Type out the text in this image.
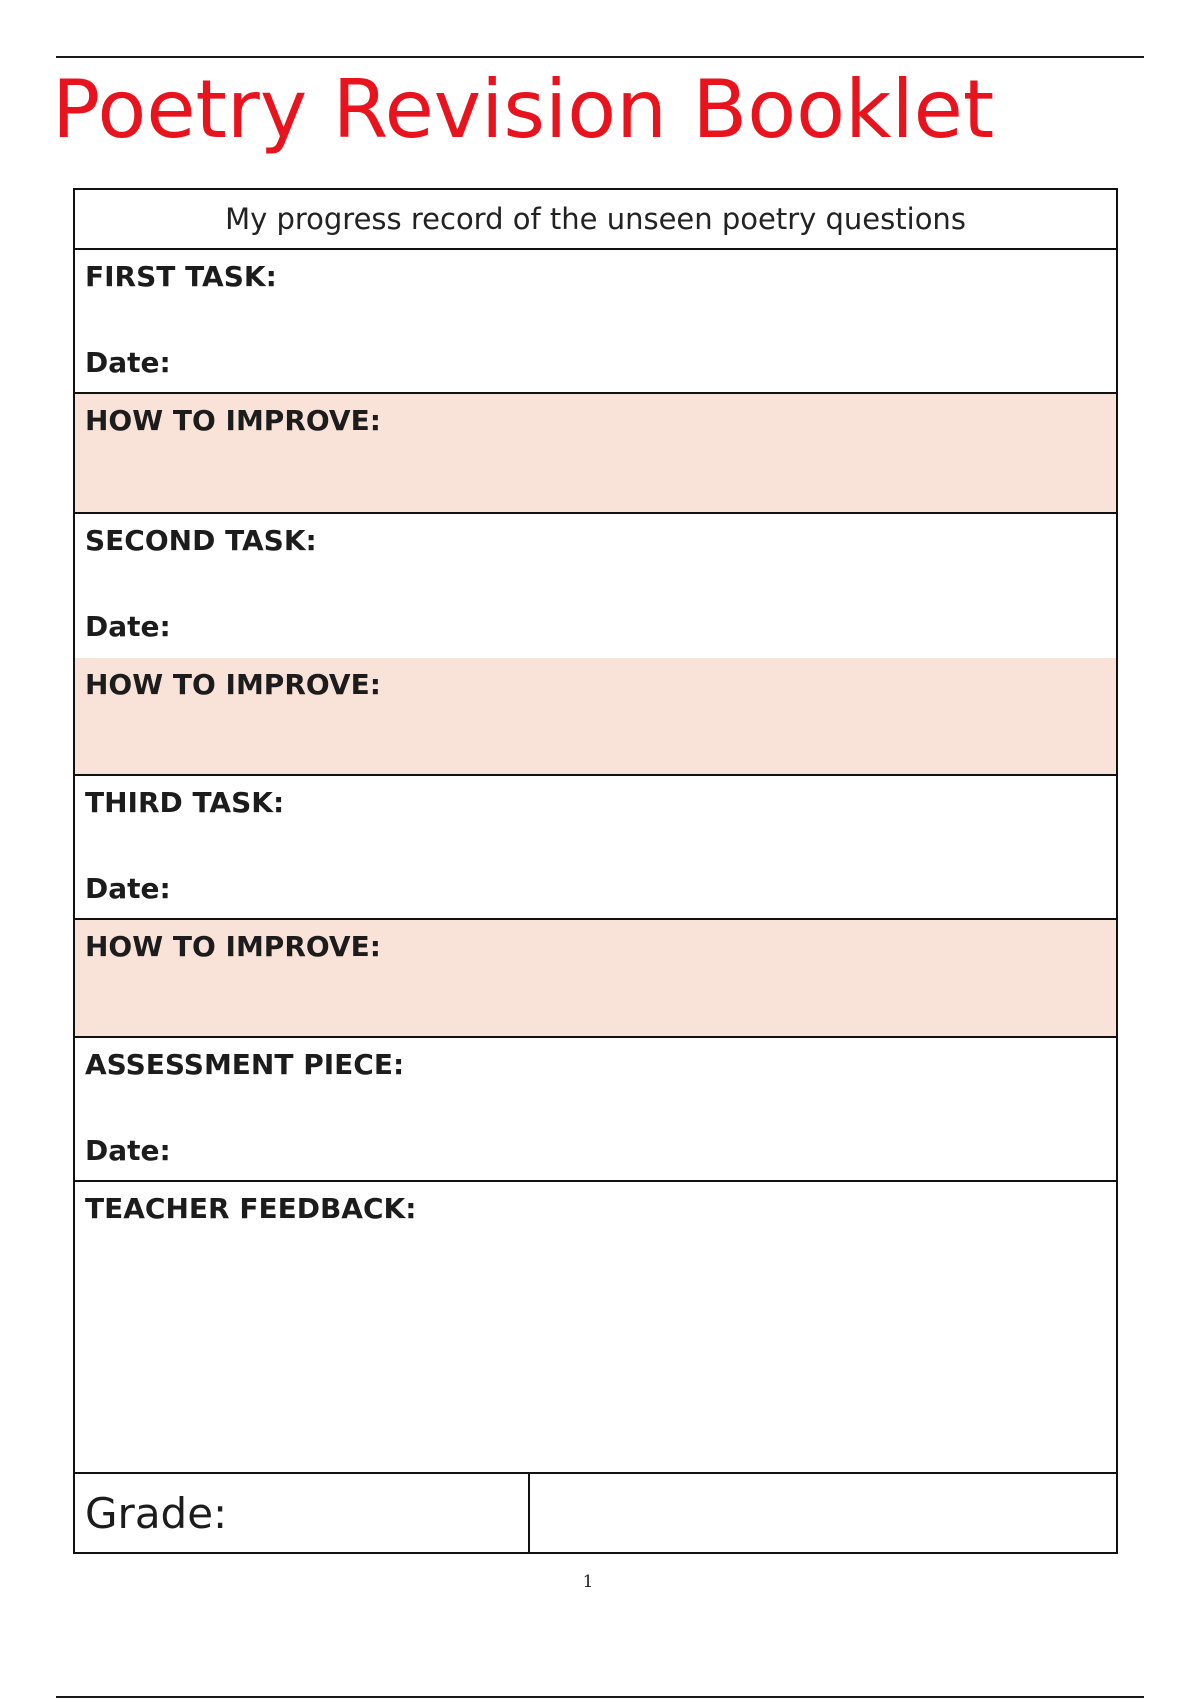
Poetry Revision Booklet
My progress record of the unseen poetry questions
FIRST TASK:
Date:
HOW TO IMPROVE:
SECOND TASK:
Date:
HOW TO IMPROVE:
THIRD TASK:
Date:
HOW TO IMPROVE:
ASSESSMENT PIECE:
Date:
TEACHER FEEDBACK:
Grade:
1
